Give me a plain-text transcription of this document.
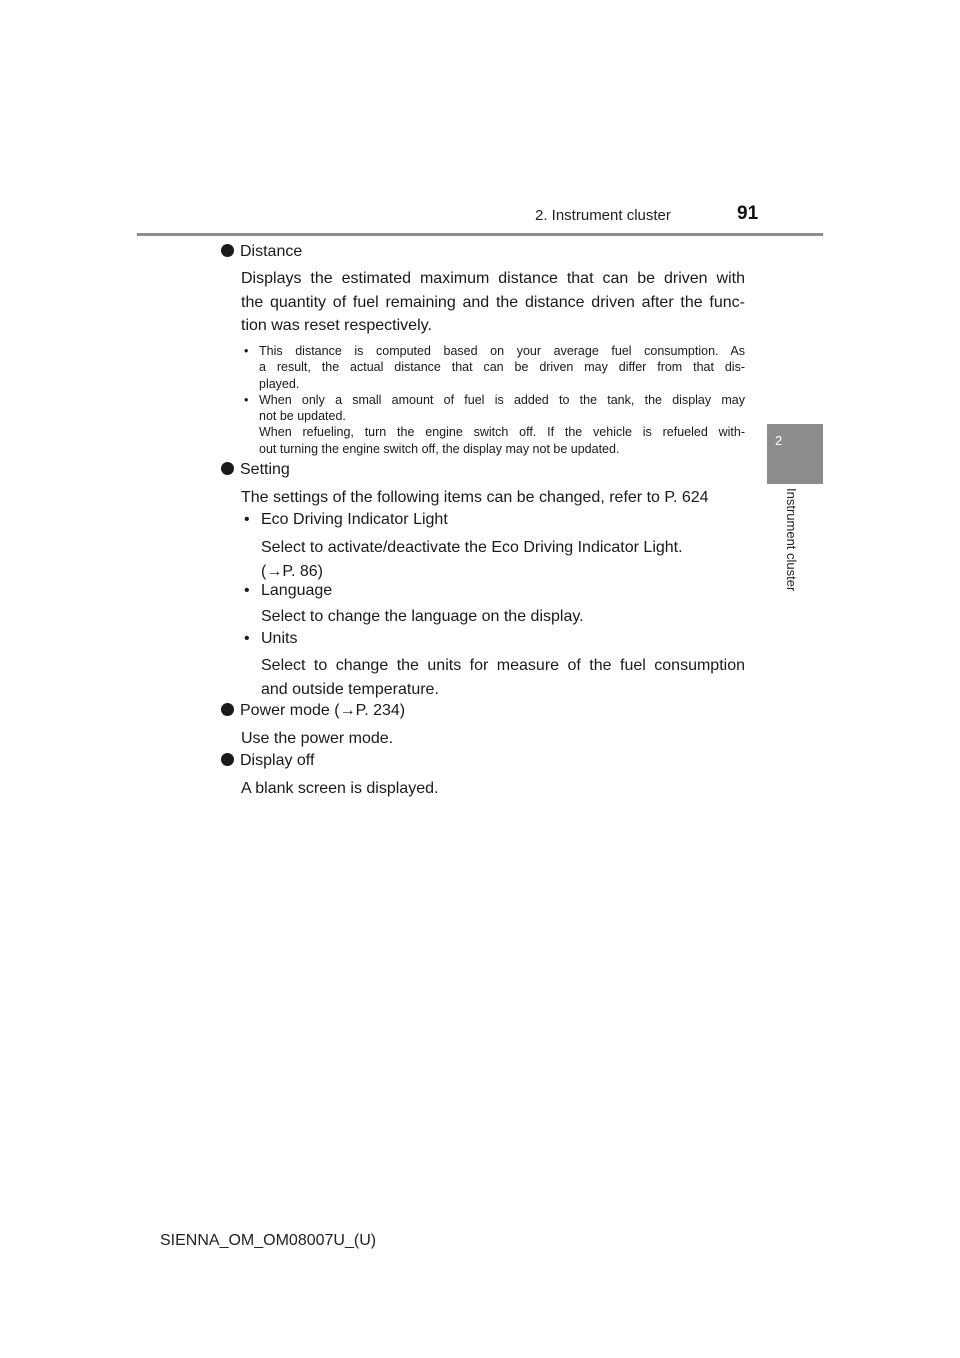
2. Instrument cluster	91
2
Instrument cluster
Distance
Displays the estimated maximum distance that can be driven with
the quantity of fuel remaining and the distance driven after the func-
tion was reset respectively.
• This distance is computed based on your average fuel consumption. As
a result, the actual distance that can be driven may differ from that dis-
played.
• When only a small amount of fuel is added to the tank, the display may
not be updated.
When refueling, turn the engine switch off. If the vehicle is refueled with-
out turning the engine switch off, the display may not be updated.
Setting
The settings of the following items can be changed, refer to P. 624
• Eco Driving Indicator Light
Select to activate/deactivate the Eco Driving Indicator Light.
(→P. 86)
• Language
Select to change the language on the display.
• Units
Select to change the units for measure of the fuel consumption
and outside temperature.
Power mode (→P. 234)
Use the power mode.
Display off
A blank screen is displayed.
SIENNA_OM_OM08007U_(U)
